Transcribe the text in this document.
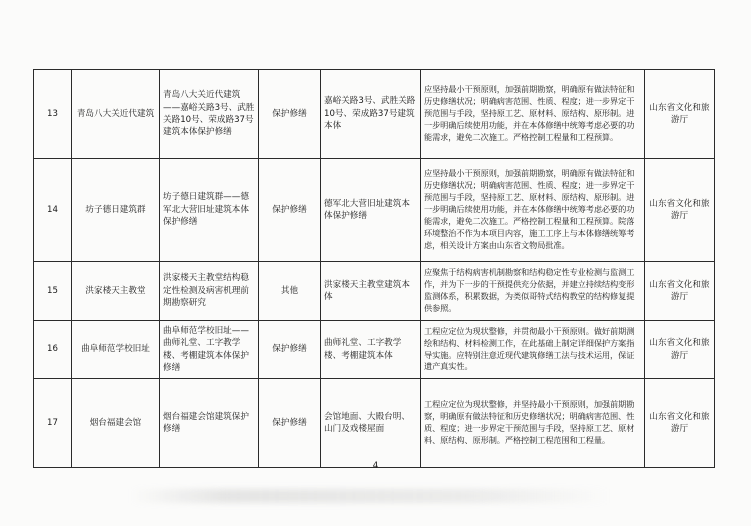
13	青岛八大关近代建筑	青岛八大关近代建筑——嘉峪关路3号、武胜关路10号、荣成路37号建筑本体保护修缮	保护修缮	嘉峪关路3号、武胜关路10号、荣成路37号建筑本体	应坚持最小干预原则，加强前期勘察，明确原有做法特征和历史修缮状况；明确病害范围、性质、程度；进一步界定干预范围与手段，坚持原工艺、原材料、原结构、原形制。进一步明确后续使用功能，并在本体修缮中统筹考虑必要的功能需求，避免二次施工。严格控制工程量和工程预算。	山东省文化和旅游厅
14	坊子德日建筑群	坊子德日建筑群——德军北大营旧址建筑本体保护修缮	保护修缮	德军北大营旧址建筑本体保护修缮	应坚持最小干预原则，加强前期勘察，明确原有做法特征和历史修缮状况；明确病害范围、性质、程度；进一步界定干预范围与手段，坚持原工艺、原材料、原结构、原形制。进一步明确后续使用功能，并在本体修缮中统筹考虑必要的功能需求，避免二次施工。严格控制工程量和工程预算。院落环境整治不作为本项目内容，施工工序上与本体修缮统筹考虑，相关设计方案由山东省文物局批准。	山东省文化和旅游厅
15	洪家楼天主教堂	洪家楼天主教堂结构稳定性检测及病害机理前期勘察研究	其他	洪家楼天主教堂建筑本体	应聚焦于结构病害机制勘察和结构稳定性专业检测与监测工作，并为下一步的干预提供充分依据，并建立持续结构变形监测体系，积累数据，为类似哥特式结构教堂的结构修复提供参照。	山东省文化和旅游厅
16	曲阜师范学校旧址	曲阜师范学校旧址——曲师礼堂、工字教学楼、考棚建筑本体保护修缮	保护修缮	曲师礼堂、工字教学楼、考棚建筑本体	工程应定位为现状整修，并贯彻最小干预原则。做好前期测绘和结构、材料检测工作，在此基础上制定详细保护方案指导实施。应特别注意近现代建筑修缮工法与技术运用，保证遗产真实性。	山东省文化和旅游厅
17	烟台福建会馆	烟台福建会馆建筑保护修缮	保护修缮	会馆地面、大殿台明、山门及戏楼屋面	工程应定位为现状整修，并坚持最小干预原则，加强前期勘察，明确原有做法特征和历史修缮状况；明确病害范围、性质、程度；进一步界定干预范围与手段，坚持原工艺、原材料、原结构、原形制。严格控制工程范围和工程量。	山东省文化和旅游厅
4
